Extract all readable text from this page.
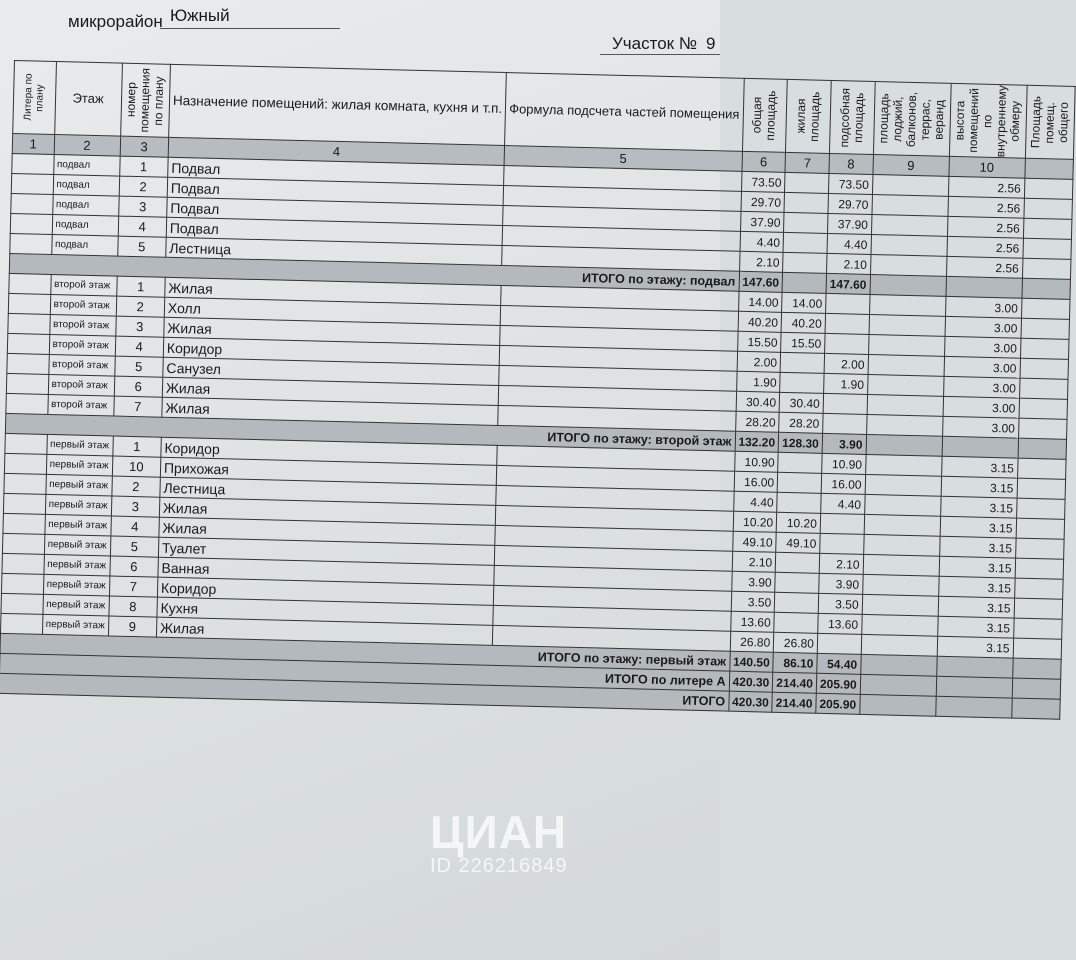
микрорайон Южный
Участок № 9
Литера по плану	Этаж	номер помещения по плану	Назначение помещений: жилая комната, кухня и т.п.	Формула подсчета частей помещения	общая площадь	жилая площадь	подсобная площадь	площадь лоджий, балконов, террас, веранд	высота помещений по внутреннему обмеру	Площадь помещ. общего

1	2	3	4	5	6	7	8	9	10	
	подвал	1	Подвал		73.50		73.50		2.56	
	подвал	2	Подвал		29.70		29.70		2.56	
	подвал	3	Подвал		37.90		37.90		2.56	
	подвал	4	Подвал		4.40		4.40		2.56	
	подвал	5	Лестница		2.10		2.10		2.56	
ИТОГО по этажу: подвал					147.60		147.60			
	второй этаж	1	Жилая		14.00	14.00			3.00	
	второй этаж	2	Холл		40.20	40.20			3.00	
	второй этаж	3	Жилая		15.50	15.50			3.00	
	второй этаж	4	Коридор		2.00		2.00		3.00	
	второй этаж	5	Санузел		1.90		1.90		3.00	
	второй этаж	6	Жилая		30.40	30.40			3.00	
	второй этаж	7	Жилая		28.20	28.20			3.00	
ИТОГО по этажу: второй этаж					132.20	128.30	3.90			
	первый этаж	1	Коридор		10.90		10.90		3.15	
	первый этаж	10	Прихожая		16.00		16.00		3.15	
	первый этаж	2	Лестница		4.40		4.40		3.15	
	первый этаж	3	Жилая		10.20	10.20			3.15	
	первый этаж	4	Жилая		49.10	49.10			3.15	
	первый этаж	5	Туалет		2.10		2.10		3.15	
	первый этаж	6	Ванная		3.90		3.90		3.15	
	первый этаж	7	Коридор		3.50		3.50		3.15	
	первый этаж	8	Кухня		13.60		13.60		3.15	
	первый этаж	9	Жилая		26.80	26.80			3.15	
ИТОГО по этажу: первый этаж					140.50	86.10	54.40			
ИТОГО по литере А					420.30	214.40	205.90			
ИТОГО					420.30	214.40	205.90			
ЦИАН
ID 226216849
